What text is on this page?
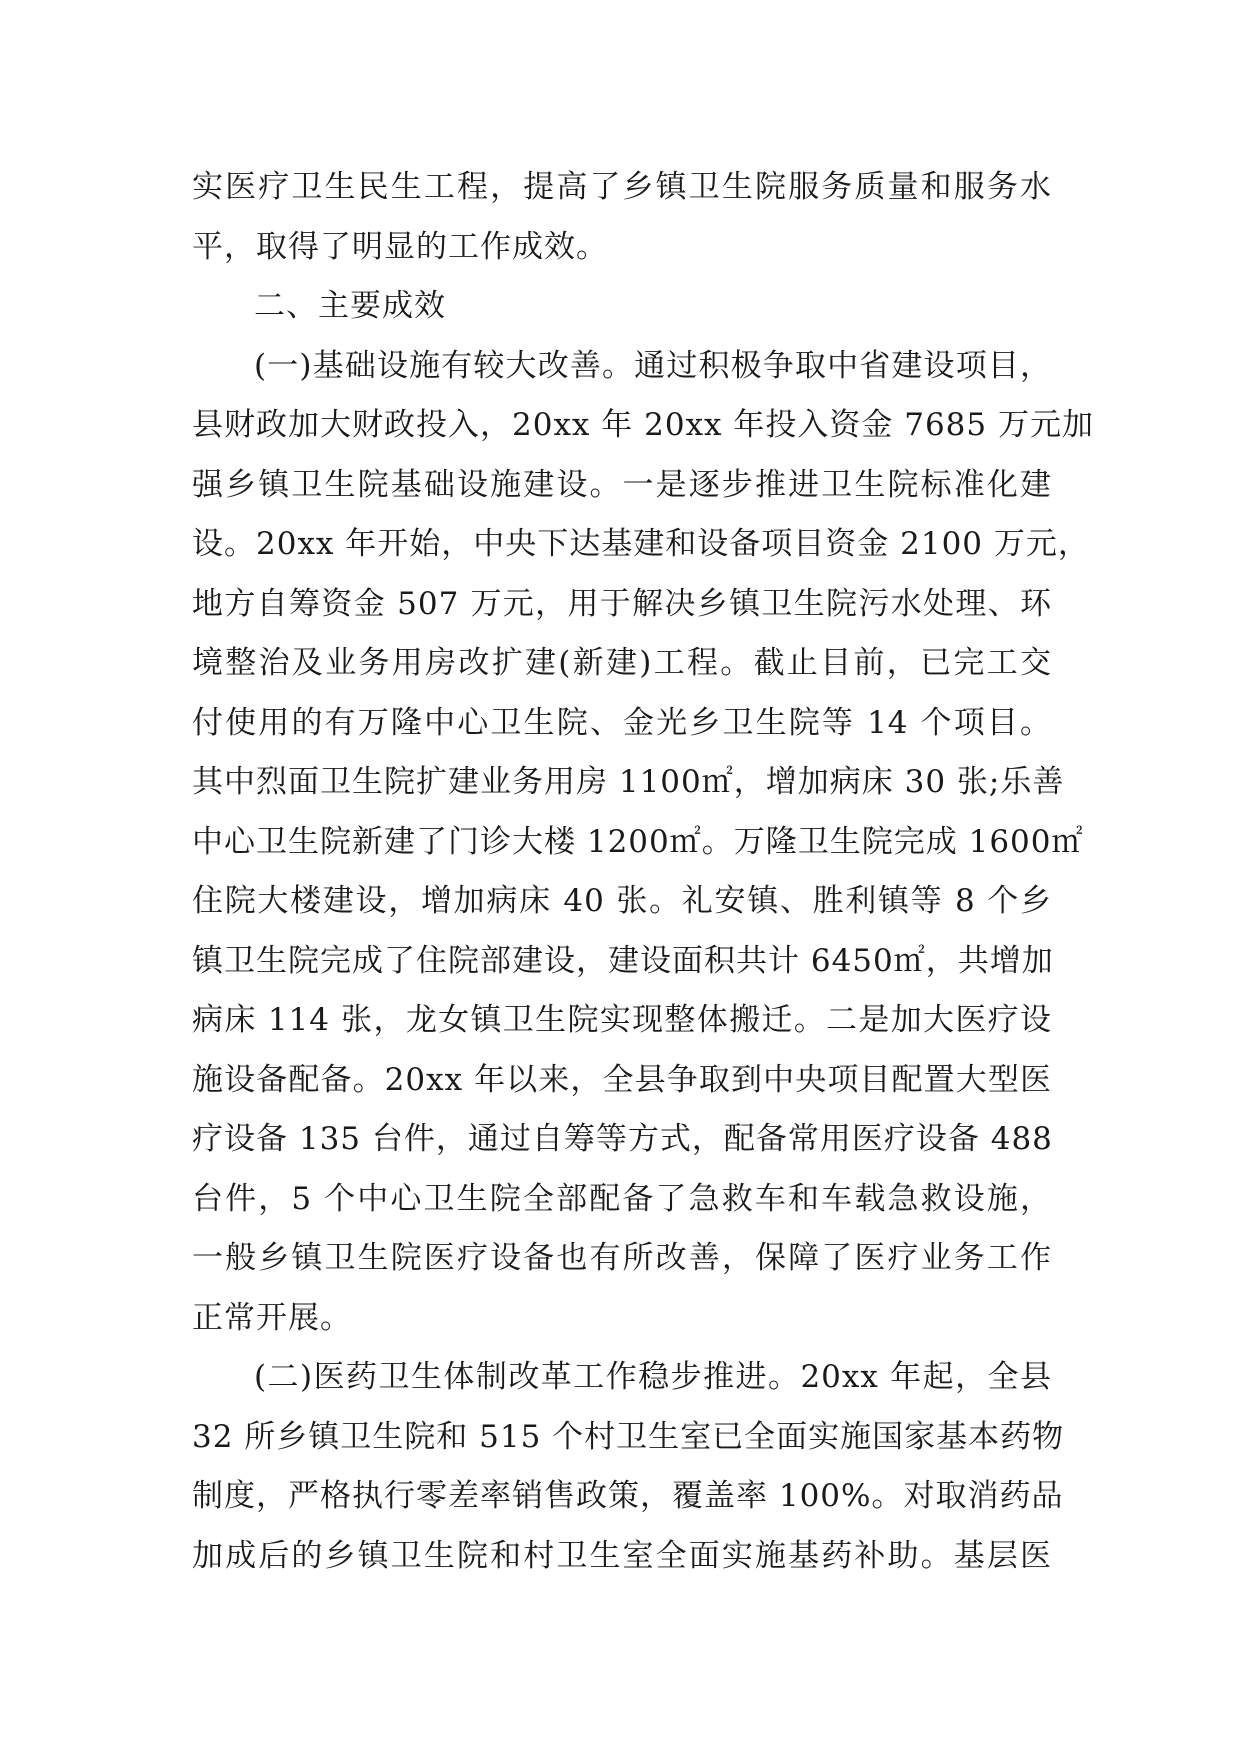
实医疗卫生民生工程，提高了乡镇卫生院服务质量和服务水
平，取得了明显的工作成效。
二、主要成效
(一)基础设施有较大改善。通过积极争取中省建设项目，
县财政加大财政投入，20xx 年 20xx 年投入资金 7685 万元加
强乡镇卫生院基础设施建设。一是逐步推进卫生院标准化建
设。20xx 年开始，中央下达基建和设备项目资金 2100 万元，
地方自筹资金 507 万元，用于解决乡镇卫生院污水处理、环
境整治及业务用房改扩建(新建)工程。截止目前，已完工交
付使用的有万隆中心卫生院、金光乡卫生院等 14 个项目。
其中烈面卫生院扩建业务用房 1100㎡，增加病床 30 张;乐善
中心卫生院新建了门诊大楼 1200㎡。万隆卫生院完成 1600㎡
住院大楼建设，增加病床 40 张。礼安镇、胜利镇等 8 个乡
镇卫生院完成了住院部建设，建设面积共计 6450㎡，共增加
病床 114 张，龙女镇卫生院实现整体搬迁。二是加大医疗设
施设备配备。20xx 年以来，全县争取到中央项目配置大型医
疗设备 135 台件，通过自筹等方式，配备常用医疗设备 488
台件，5 个中心卫生院全部配备了急救车和车载急救设施，
一般乡镇卫生院医疗设备也有所改善，保障了医疗业务工作
正常开展。
(二)医药卫生体制改革工作稳步推进。20xx 年起，全县
32 所乡镇卫生院和 515 个村卫生室已全面实施国家基本药物
制度，严格执行零差率销售政策，覆盖率 100%。对取消药品
加成后的乡镇卫生院和村卫生室全面实施基药补助。基层医
